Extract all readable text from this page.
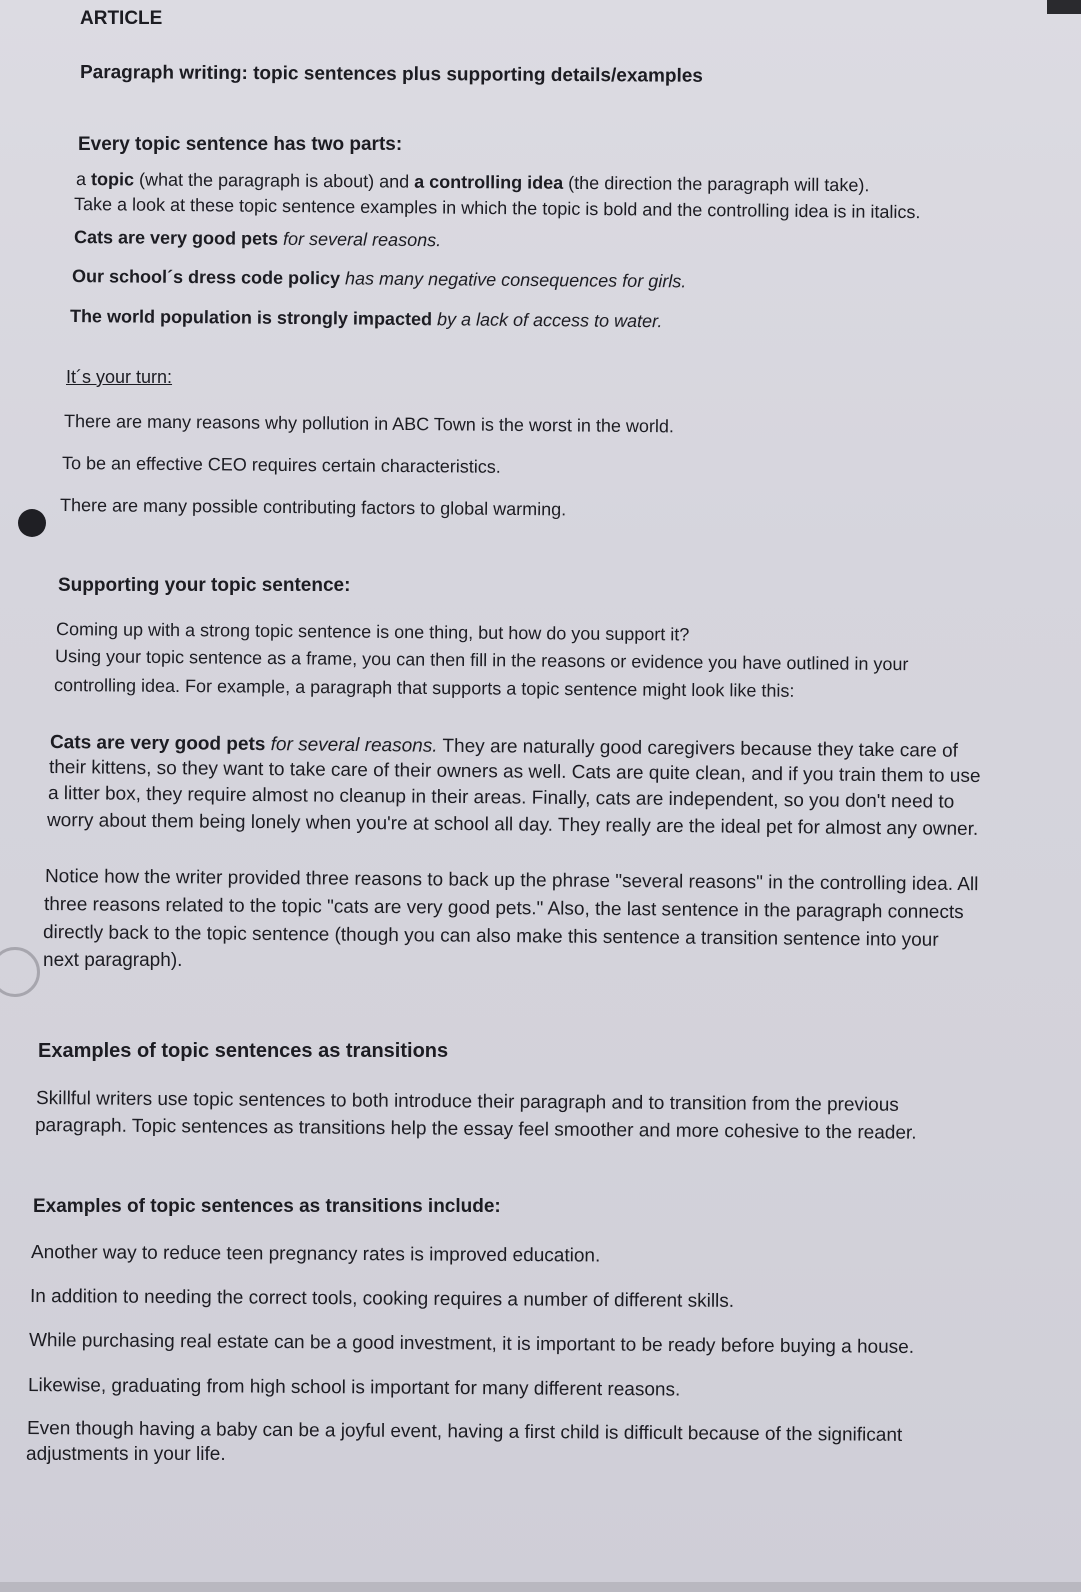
ARTICLE
Paragraph writing: topic sentences plus supporting details/examples
Every topic sentence has two parts:
a topic (what the paragraph is about) and a controlling idea (the direction the paragraph will take).
Take a look at these topic sentence examples in which the topic is bold and the controlling idea is in italics.
Cats are very good pets for several reasons.
Our school´s dress code policy has many negative consequences for girls.
The world population is strongly impacted by a lack of access to water.
It´s your turn:
There are many reasons why pollution in ABC Town is the worst in the world.
To be an effective CEO requires certain characteristics.
There are many possible contributing factors to global warming.
Supporting your topic sentence:
Coming up with a strong topic sentence is one thing, but how do you support it?
Using your topic sentence as a frame, you can then fill in the reasons or evidence you have outlined in your
controlling idea. For example, a paragraph that supports a topic sentence might look like this:
Cats are very good pets for several reasons. They are naturally good caregivers because they take care of
their kittens, so they want to take care of their owners as well. Cats are quite clean, and if you train them to use
a litter box, they require almost no cleanup in their areas. Finally, cats are independent, so you don't need to
worry about them being lonely when you're at school all day. They really are the ideal pet for almost any owner.
Notice how the writer provided three reasons to back up the phrase "several reasons" in the controlling idea. All
three reasons related to the topic "cats are very good pets." Also, the last sentence in the paragraph connects
directly back to the topic sentence (though you can also make this sentence a transition sentence into your
next paragraph).
Examples of topic sentences as transitions
Skillful writers use topic sentences to both introduce their paragraph and to transition from the previous
paragraph. Topic sentences as transitions help the essay feel smoother and more cohesive to the reader.
Examples of topic sentences as transitions include:
Another way to reduce teen pregnancy rates is improved education.
In addition to needing the correct tools, cooking requires a number of different skills.
While purchasing real estate can be a good investment, it is important to be ready before buying a house.
Likewise, graduating from high school is important for many different reasons.
Even though having a baby can be a joyful event, having a first child is difficult because of the significant
adjustments in your life.
